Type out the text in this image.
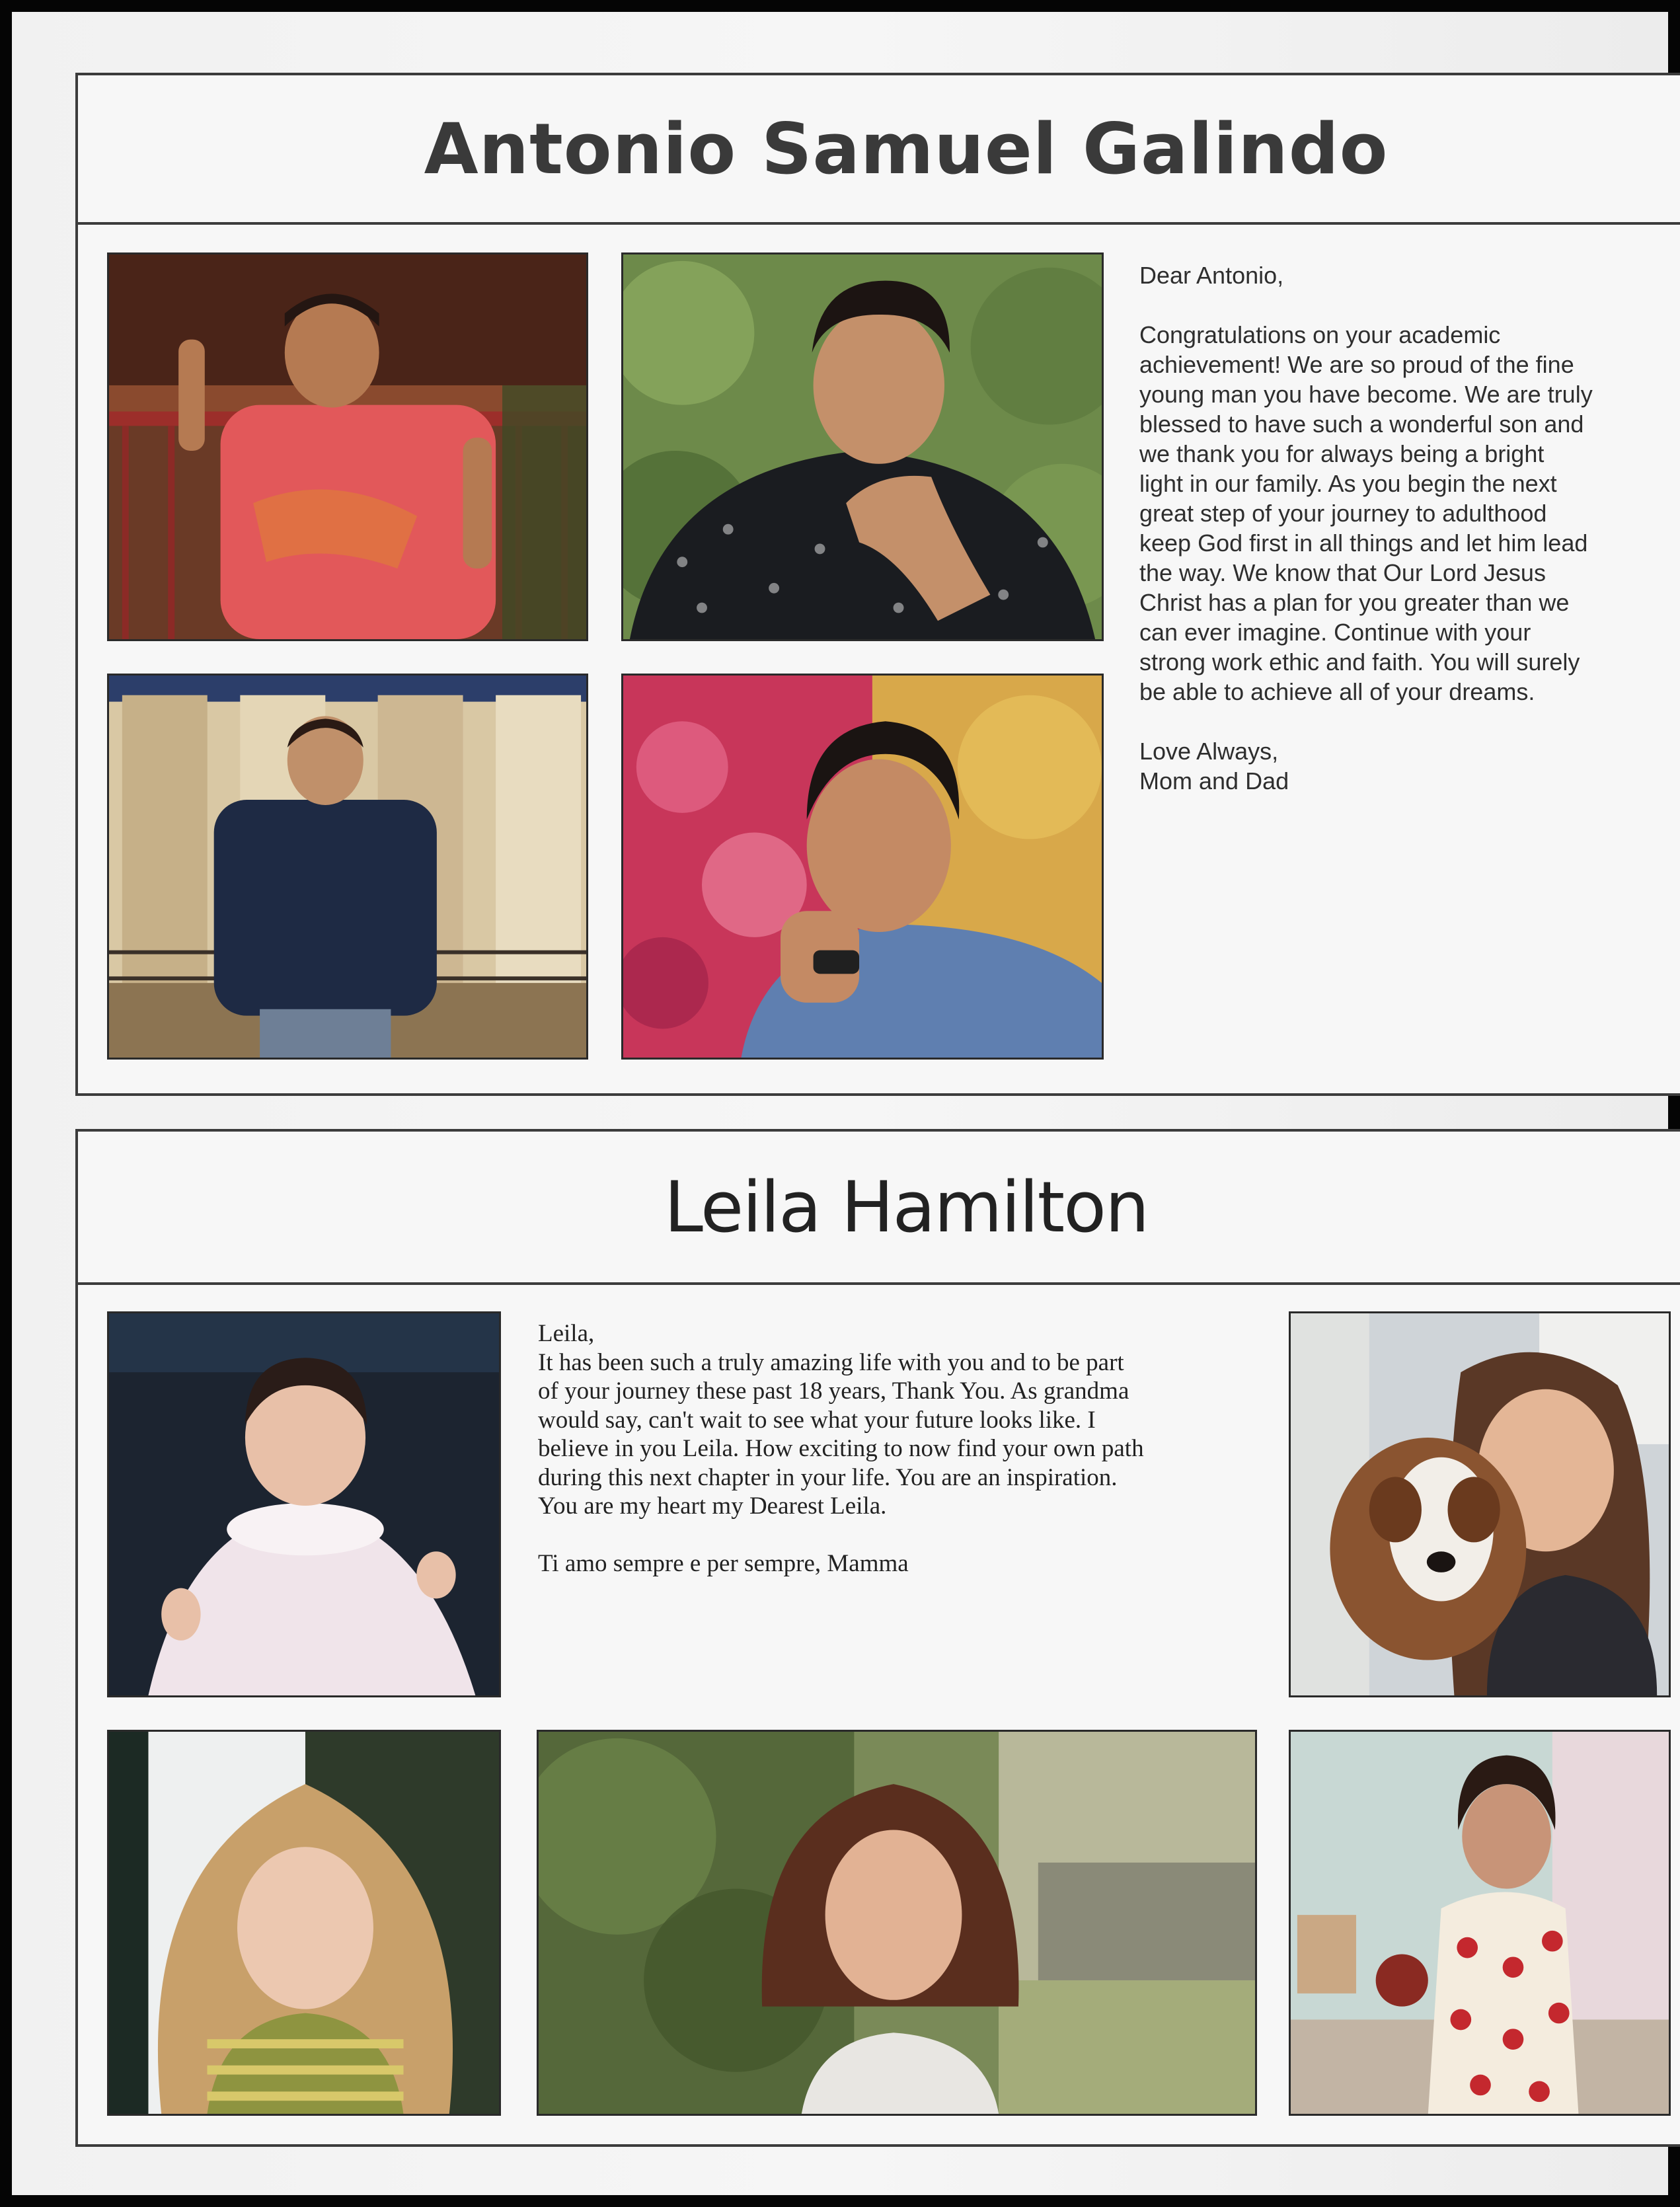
Antonio Samuel Galindo
Dear Antonio,
Congratulations on your academic
achievement! We are so proud of the fine
young man you have become. We are truly
blessed to have such a wonderful son and
we thank you for always being a bright
light in our family. As you begin the next
great step of your journey to adulthood
keep God first in all things and let him lead
the way. We know that Our Lord Jesus
Christ has a plan for you greater than we
can ever imagine. Continue with your
strong work ethic and faith. You will surely
be able to achieve all of your dreams.
Love Always,
Mom and Dad
Leila Hamilton
Leila,
It has been such a truly amazing life with you and to be part
of your journey these past 18 years, Thank You. As grandma
would say, can't wait to see what your future looks like. I
believe in you Leila. How exciting to now find your own path
during this next chapter in your life. You are an inspiration.
You are my heart my Dearest Leila.
Ti amo sempre e per sempre, Mamma
